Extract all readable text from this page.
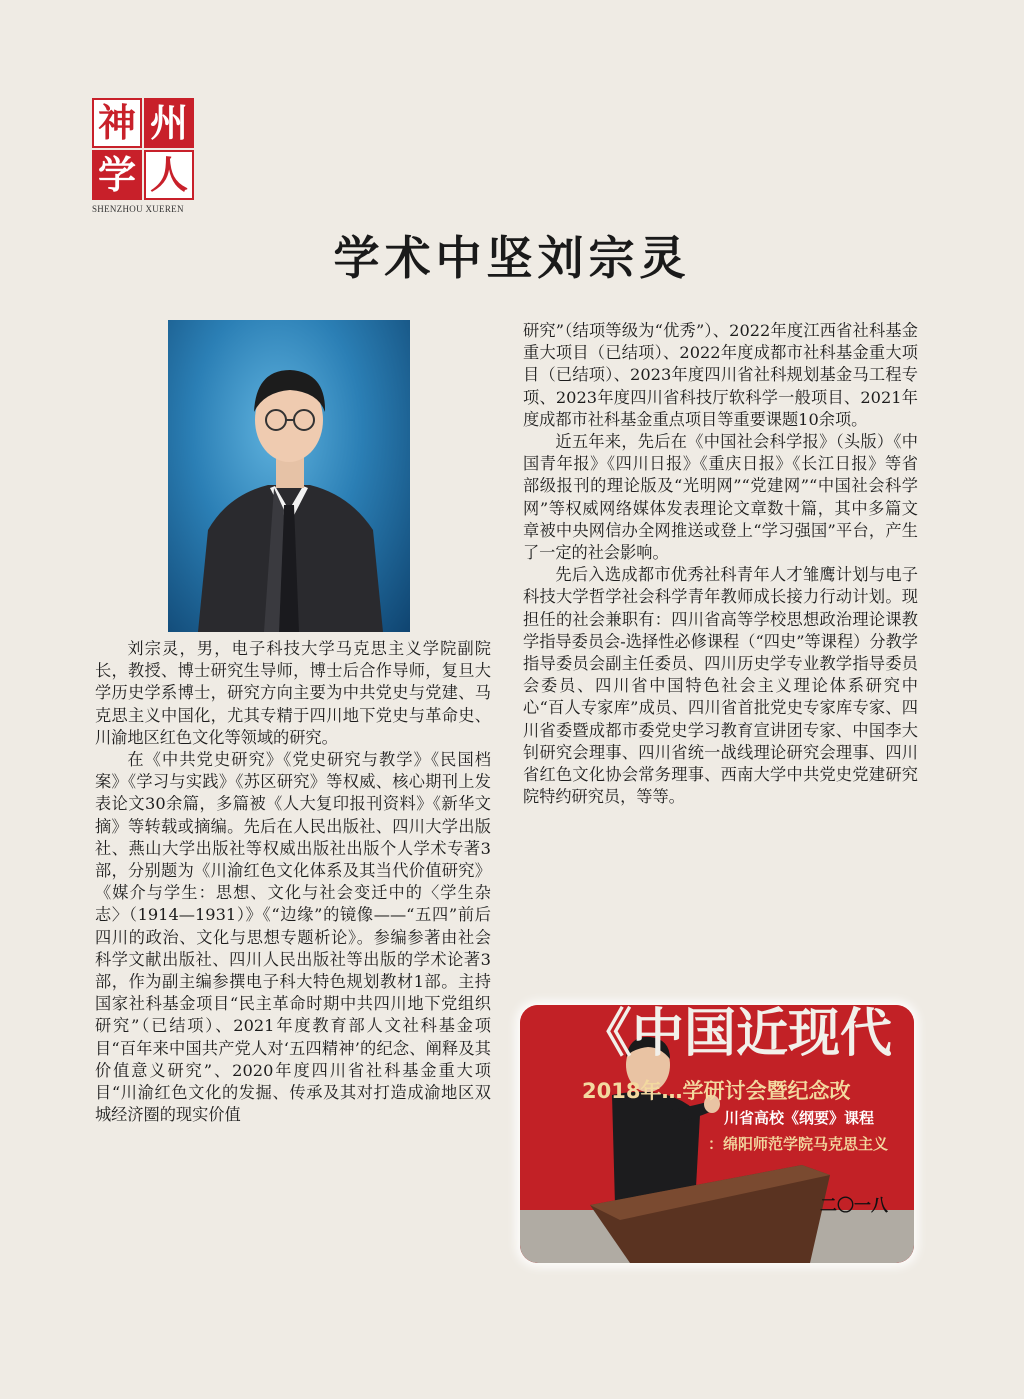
神 州
学 人
SHENZHOU XUEREN
学术中坚刘宗灵

刘宗灵，男，电子科技大学马克思主义学院副院长，教授、博士研究生导师，博士后合作导师，复旦大学历史学系博士，研究方向主要为中共党史与党建、马克思主义中国化，尤其专精于四川地下党史与革命史、川渝地区红色文化等领域的研究。

在《中共党史研究》《党史研究与教学》《民国档案》《学习与实践》《苏区研究》等权威、核心期刊上发表论文30余篇，多篇被《人大复印报刊资料》《新华文摘》等转载或摘编。先后在人民出版社、四川大学出版社、燕山大学出版社等权威出版社出版个人学术专著3部，分别题为《川渝红色文化体系及其当代价值研究》《媒介与学生：思想、文化与社会变迁中的〈学生杂志〉（1914—1931）》《“边缘”的镜像——“五四”前后四川的政治、文化与思想专题析论》。参编参著由社会科学文献出版社、四川人民出版社等出版的学术论著3部，作为副主编参撰电子科大特色规划教材1部。主持国家社科基金项目“民主革命时期中共四川地下党组织研究”（已结项）、2021年度教育部人文社科基金项目“百年来中国共产党人对‘五四精神’的纪念、阐释及其价值意义研究”、2020年度四川省社科基金重大项目“川渝红色文化的发掘、传承及其对打造成渝地区双城经济圈的现实价值

研究”（结项等级为“优秀”）、2022年度江西省社科基金重大项目（已结项）、2022年度成都市社科基金重大项目（已结项）、2023年度四川省社科规划基金马工程专项、2023年度四川省科技厅软科学一般项目、2021年度成都市社科基金重点项目等重要课题10余项。

近五年来，先后在《中国社会科学报》（头版）《中国青年报》《四川日报》《重庆日报》《长江日报》等省部级报刊的理论版及“光明网”“党建网”“中国社会科学网”等权威网络媒体发表理论文章数十篇，其中多篇文章被中央网信办全网推送或登上“学习强国”平台，产生了一定的社会影响。

先后入选成都市优秀社科青年人才雏鹰计划与电子科技大学哲学社会科学青年教师成长接力行动计划。现担任的社会兼职有：四川省高等学校思想政治理论课教学指导委员会-选择性必修课程（“四史”等课程）分教学指导委员会副主任委员、四川历史学专业教学指导委员会委员、四川省中国特色社会主义理论体系研究中心“百人专家库”成员、四川省首批党史专家库专家、四川省委暨成都市委党史学习教育宣讲团专家、中国李大钊研究会理事、四川省统一战线理论研究会理事、四川省红色文化协会常务理事、西南大学中共党史党建研究院特约研究员，等等。

《中国近现代
2018年…学研讨会暨纪念改
川省高校《纲要》课程
：绵阳师范学院马克思主义
二〇一八
